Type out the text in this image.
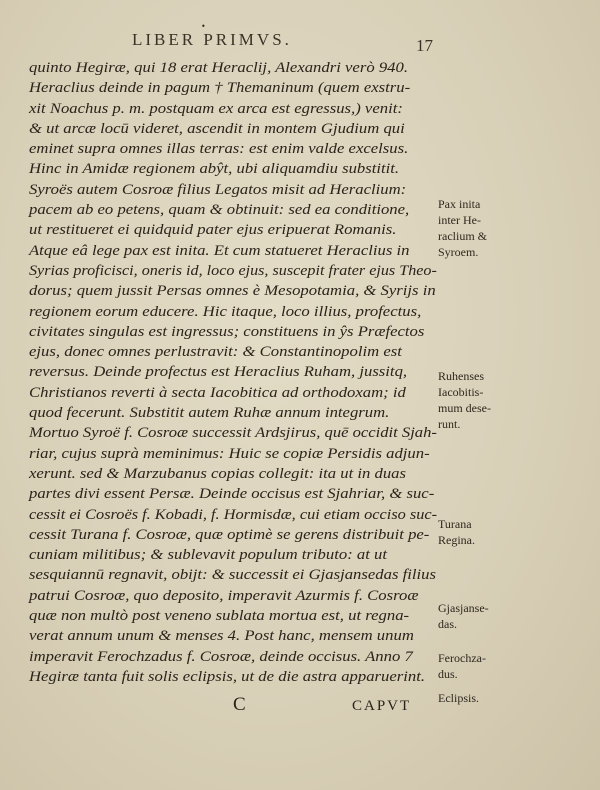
•
LIBER PRIMVS.	17
quinto Hegiræ, qui 18 erat Heraclij, Alexandri verò 940.
Heraclius deinde in pagum † Themaninum (quem exstru-
xit Noachus p. m. postquam ex arca est egressus,) venit:
& ut arcæ locū videret, ascendit in montem Gjudium qui
eminet supra omnes illas terras: est enim valde excelsus.
Hinc in Amidæ regionem abŷt, ubi aliquamdiu substitit.
Syroës autem Cosroæ filius Legatos misit ad Heraclium:
pacem ab eo petens, quam & obtinuit: sed ea conditione,
ut restitueret ei quidquid pater ejus eripuerat Romanis.
Atque eâ lege pax est inita. Et cum statueret Heraclius in
Syrias proficisci, oneris id, loco ejus, suscepit frater ejus Theo-
dorus; quem jussit Persas omnes è Mesopotamia, & Syrijs in
regionem eorum educere. Hic itaque, loco illius, profectus,
civitates singulas est ingressus; constituens in ŷs Præfectos
ejus, donec omnes perlustravit: & Constantinopolim est
reversus. Deinde profectus est Heraclius Ruham, jussitq,
Christianos reverti à secta Iacobitica ad orthodoxam; id
quod fecerunt. Substitit autem Ruhæ annum integrum.
Mortuo Syroë f. Cosroæ successit Ardsjirus, quē occidit Sjah-
riar, cujus suprà meminimus: Huic se copiæ Persidis adjun-
xerunt. sed & Marzubanus copias collegit: ita ut in duas
partes divi essent Persæ. Deinde occisus est Sjahriar, & suc-
cessit ei Cosroës f. Kobadi, f. Hormisdæ, cui etiam occiso suc-
cessit Turana f. Cosroæ, quæ optimè se gerens distribuit pe-
cuniam militibus; & sublevavit populum tributo: at ut
sesquiannū regnavit, obijt: & successit ei Gjasjansedas filius
patrui Cosroæ, quo deposito, imperavit Azurmis f. Cosroæ
quæ non multò post veneno sublata mortua est, ut regna-
verat annum unum & menses 4. Post hanc, mensem unum
imperavit Ferochzadus f. Cosroæ, deinde occisus. Anno 7
Hegiræ tanta fuit solis eclipsis, ut de die astra apparuerint.
Pax inita
inter He-
raclium &
Syroem.
Ruhenses
Iacobitis-
mum dese-
runt.
Turana
Regina.
Gjasjanse-
das.
Ferochza-
dus.
Eclipsis.
C	CAPVT
